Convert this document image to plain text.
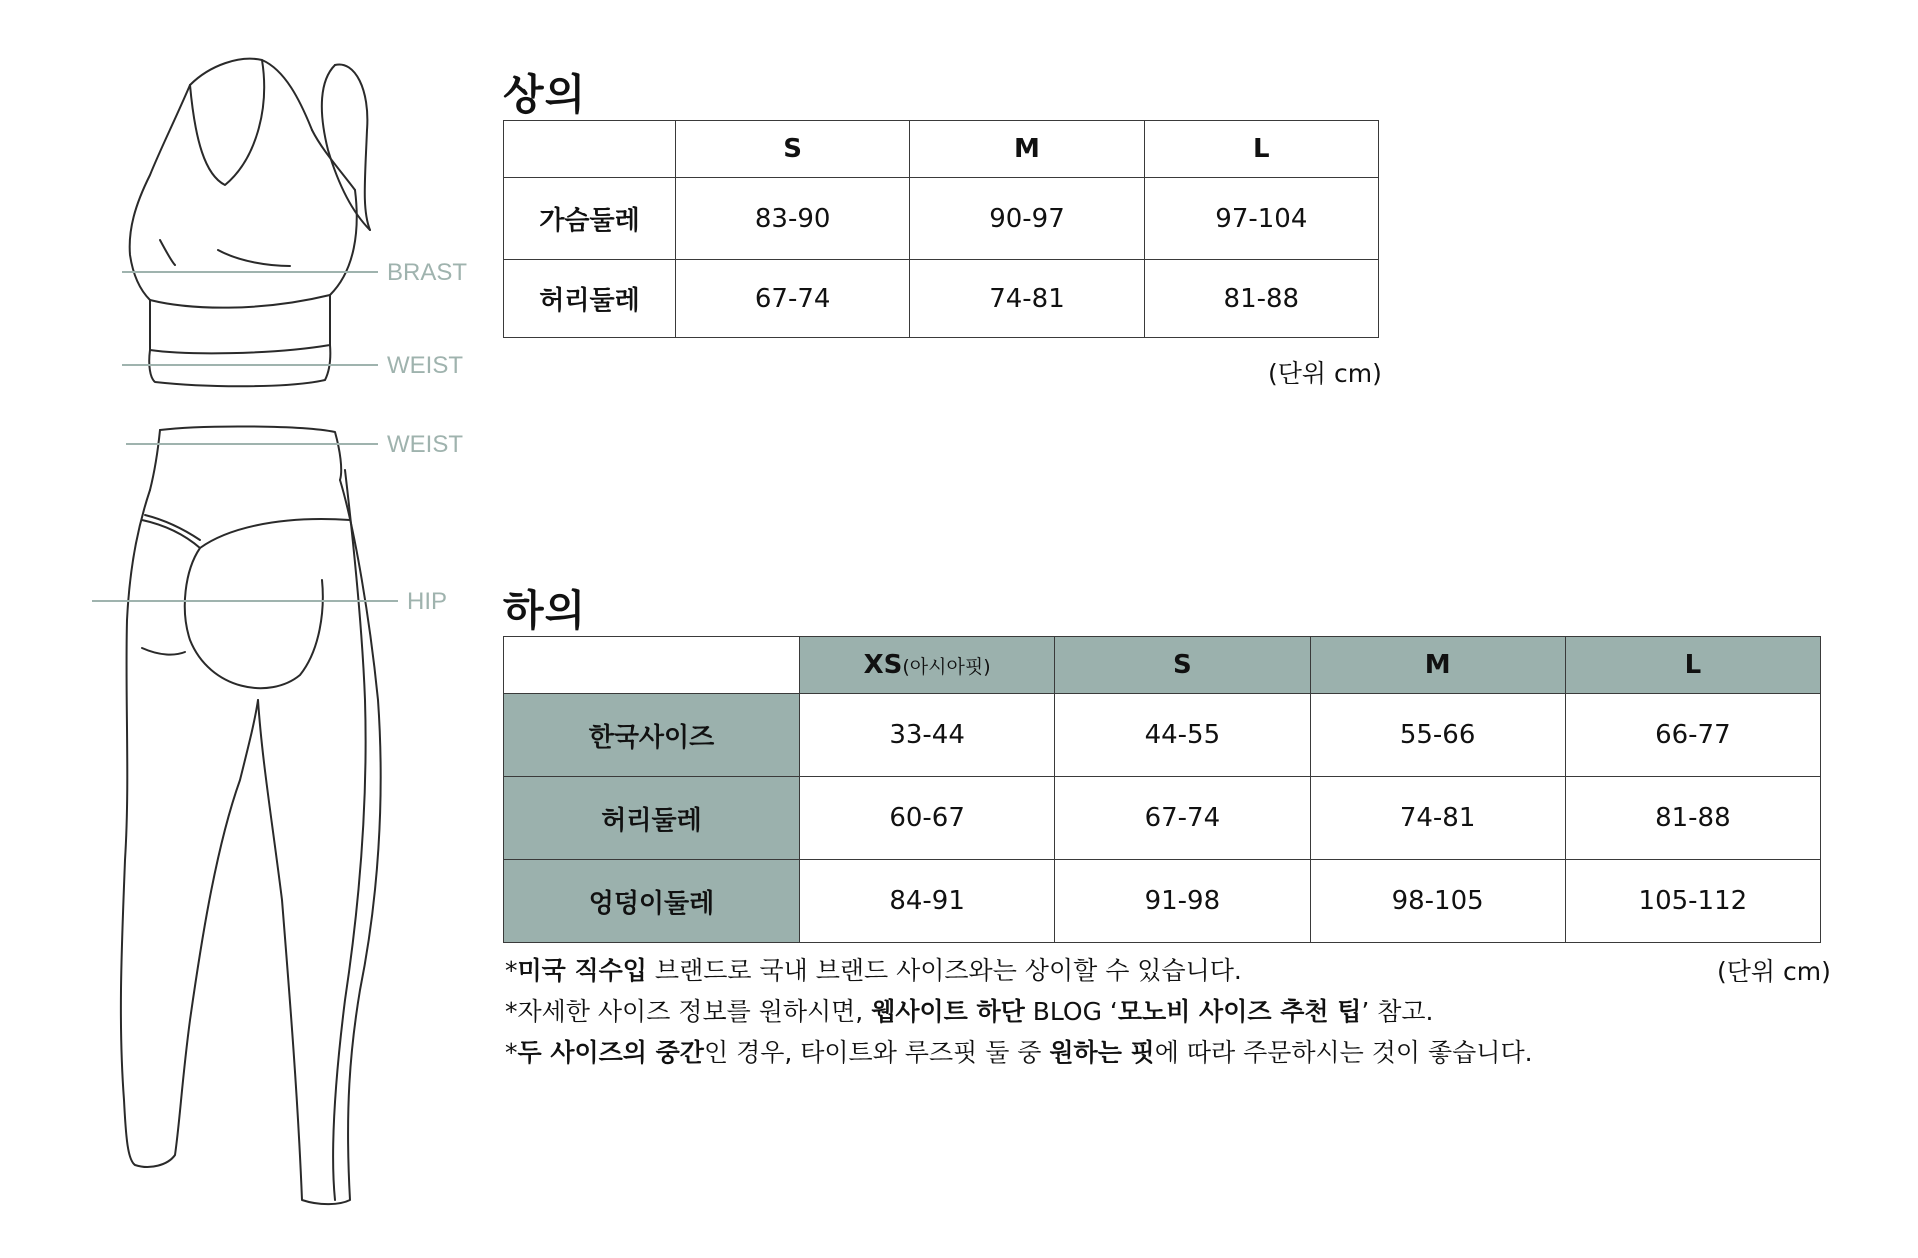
BRAST
WEIST
WEIST
HIP
상의
	S	M	L
가슴둘레	83-90	90-97	97-104
허리둘레	67-74	74-81	81-88
(단위 cm)
하의
	XS(아시아핏)	S	M	L
한국사이즈	33-44	44-55	55-66	66-77
허리둘레	60-67	67-74	74-81	81-88
엉덩이둘레	84-91	91-98	98-105	105-112
(단위 cm)

*미국 직수입 브랜드로 국내 브랜드 사이즈와는 상이할 수 있습니다.

*자세한 사이즈 정보를 원하시면, 웹사이트 하단 BLOG ‘모노비 사이즈 추천 팁’ 참고.

*두 사이즈의 중간인 경우, 타이트와 루즈핏 둘 중 원하는 핏에 따라 주문하시는 것이 좋습니다.
